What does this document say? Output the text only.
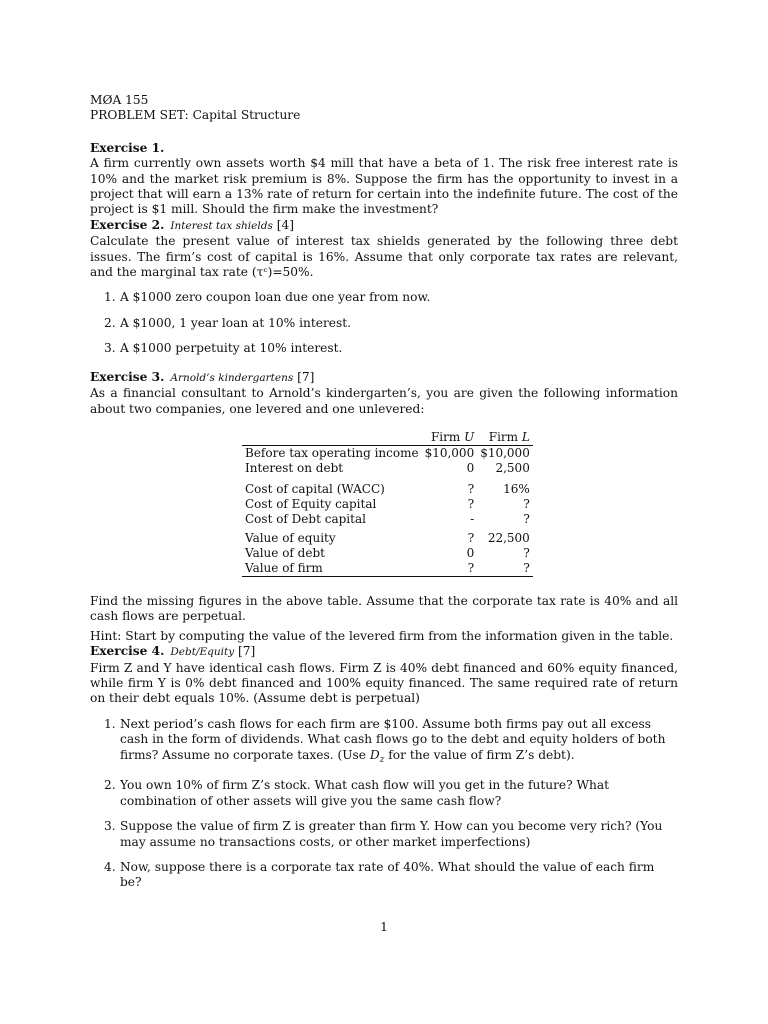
MØA 155
PROBLEM SET: Capital Structure
Exercise 1.

A firm currently own assets worth $4 mill that have a beta of 1. The risk free interest rate is 10% and the market risk premium is 8%. Suppose the firm has the opportunity to invest in a project that will earn a 13% rate of return for certain into the indefinite future. The cost of the project is $1 mill. Should the firm make the investment?

Exercise 2. Interest tax shields [4]

Calculate the present value of interest tax shields generated by the following three debt issues. The firm’s cost of capital is 16%. Assume that only corporate tax rates are relevant, and the marginal tax rate (τᶜ)=50%.

1. A $1000 zero coupon loan due one year from now.
2. A $1000, 1 year loan at 10% interest.
3. A $1000 perpetuity at 10% interest.
Exercise 3. Arnold’s kindergartens [7]

As a financial consultant to Arnold’s kindergarten’s, you are given the following information about two companies, one levered and one unlevered:

	Firm U	Firm L
Before tax operating income	$10,000	$10,000
Interest on debt	0	2,500
Cost of capital (WACC)	?	16%
Cost of Equity capital	?	?
Cost of Debt capital	-	?
Value of equity	?	22,500
Value of debt	0	?
Value of firm	?	?

Find the missing figures in the above table. Assume that the corporate tax rate is 40% and all cash flows are perpetual.

Hint: Start by computing the value of the levered firm from the information given in the table.

Exercise 4. Debt/Equity [7]

Firm Z and Y have identical cash flows. Firm Z is 40% debt financed and 60% equity financed, while firm Y is 0% debt financed and 100% equity financed. The same required rate of return on their debt equals 10%. (Assume debt is perpetual)

1. Next period’s cash flows for each firm are $100. Assume both firms pay out all excess cash in the form of dividends. What cash flows go to the debt and equity holders of both firms? Assume no corporate taxes. (Use $D_z$ for the value of firm Z’s debt).
2. You own 10% of firm Z’s stock. What cash flow will you get in the future? What combination of other assets will give you the same cash flow?
3. Suppose the value of firm Z is greater than firm Y. How can you become very rich? (You may assume no transactions costs, or other market imperfections)
4. Now, suppose there is a corporate tax rate of 40%. What should the value of each firm be?
1
